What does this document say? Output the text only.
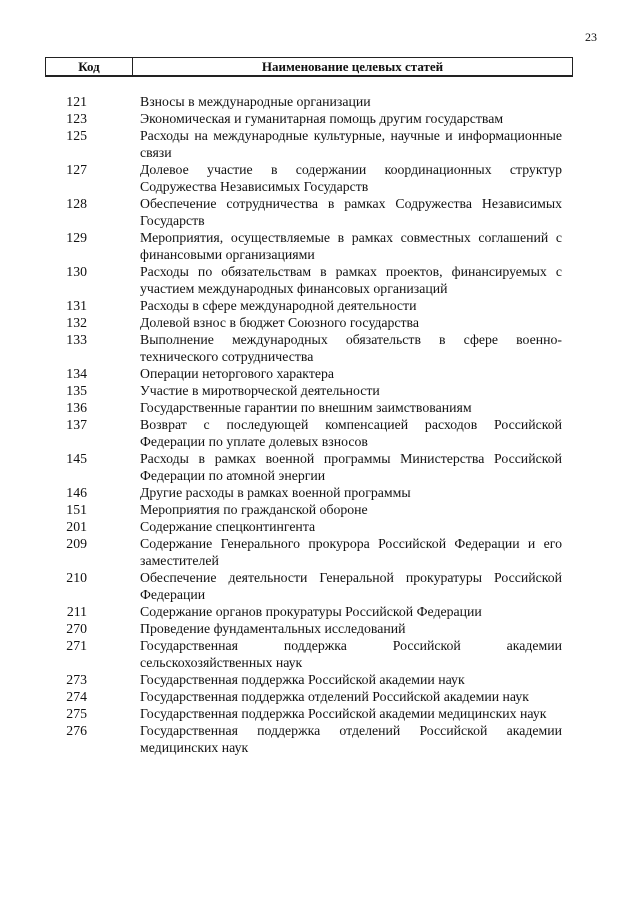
23
Код	Наименование целевых статей
121	Взносы в международные организации
123	Экономическая и гуманитарная помощь другим государствам
125	Расходы на международные культурные, научные и информационные связи
127	Долевое участие в содержании координационных структур Содружества Независимых Государств
128	Обеспечение сотрудничества в рамках Содружества Независимых Государств
129	Мероприятия, осуществляемые в рамках совместных соглашений с финансовыми организациями
130	Расходы по обязательствам в рамках проектов, финансируемых с участием международных финансовых организаций
131	Расходы в сфере международной деятельности
132	Долевой взнос в бюджет Союзного государства
133	Выполнение международных обязательств в сфере военно-технического сотрудничества
134	Операции неторгового характера
135	Участие в миротворческой деятельности
136	Государственные гарантии по внешним заимствованиям
137	Возврат с последующей компенсацией расходов Российской Федерации по уплате долевых взносов
145	Расходы в рамках военной программы Министерства Российской Федерации по атомной энергии
146	Другие расходы в рамках военной программы
151	Мероприятия по гражданской обороне
201	Содержание спецконтингента
209	Содержание Генерального прокурора Российской Федерации и его заместителей
210	Обеспечение деятельности Генеральной прокуратуры Российской Федерации
211	Содержание органов прокуратуры Российской Федерации
270	Проведение фундаментальных исследований
271	Государственная поддержка Российской академии сельскохозяйственных наук
273	Государственная поддержка Российской академии наук
274	Государственная поддержка отделений Российской академии наук
275	Государственная поддержка Российской академии медицинских наук
276	Государственная поддержка отделений Российской академии медицинских наук
